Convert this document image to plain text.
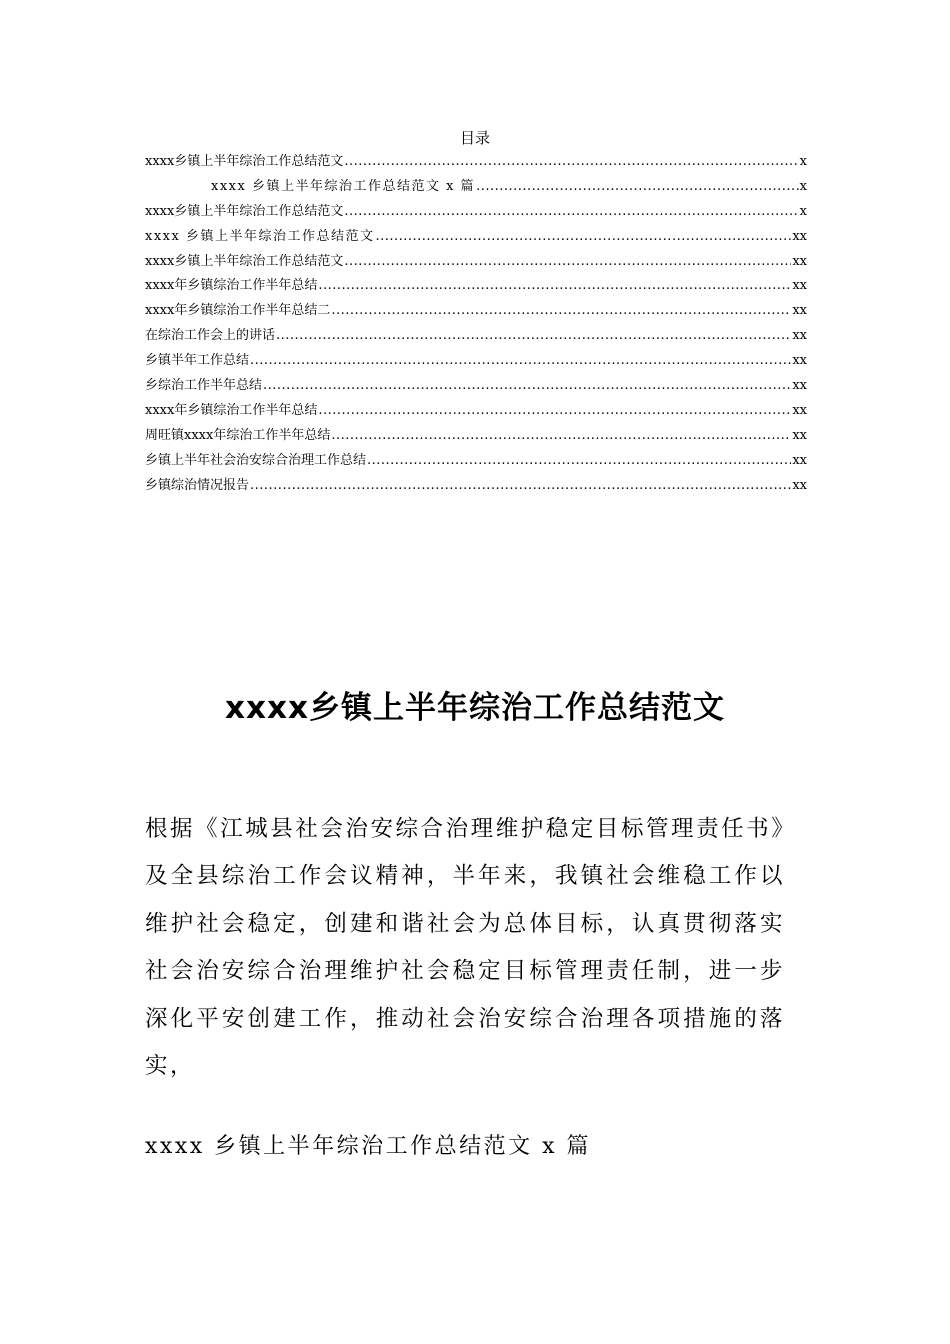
目录
xxxx乡镇上半年综治工作总结范文 .....	x
xxxx 乡镇上半年综治工作总结范文 x 篇 .....	x
xxxx乡镇上半年综治工作总结范文 .....	x
xxxx 乡镇上半年综治工作总结范文 .....	xx
xxxx乡镇上半年综治工作总结范文 .....	xx
xxxx年乡镇综治工作半年总结 .....	xx
xxxx年乡镇综治工作半年总结二 .....	xx
在综治工作会上的讲话 .....	xx
乡镇半年工作总结 .....	xx
乡综治工作半年总结 .....	xx
xxxx年乡镇综治工作半年总结 .....	xx
周旺镇xxxx年综治工作半年总结 .....	xx
乡镇上半年社会治安综合治理工作总结 .....	xx
乡镇综治情况报告 .....	xx
xxxx乡镇上半年综治工作总结范文

根据《江城县社会治安综合治理维护稳定目标管理责任书》及全县综治工作会议精神，半年来，我镇社会维稳工作以维护社会稳定，创建和谐社会为总体目标，认真贯彻落实社会治安综合治理维护社会稳定目标管理责任制，进一步深化平安创建工作，推动社会治安综合治理各项措施的落实，

xxxx 乡镇上半年综治工作总结范文 x 篇
